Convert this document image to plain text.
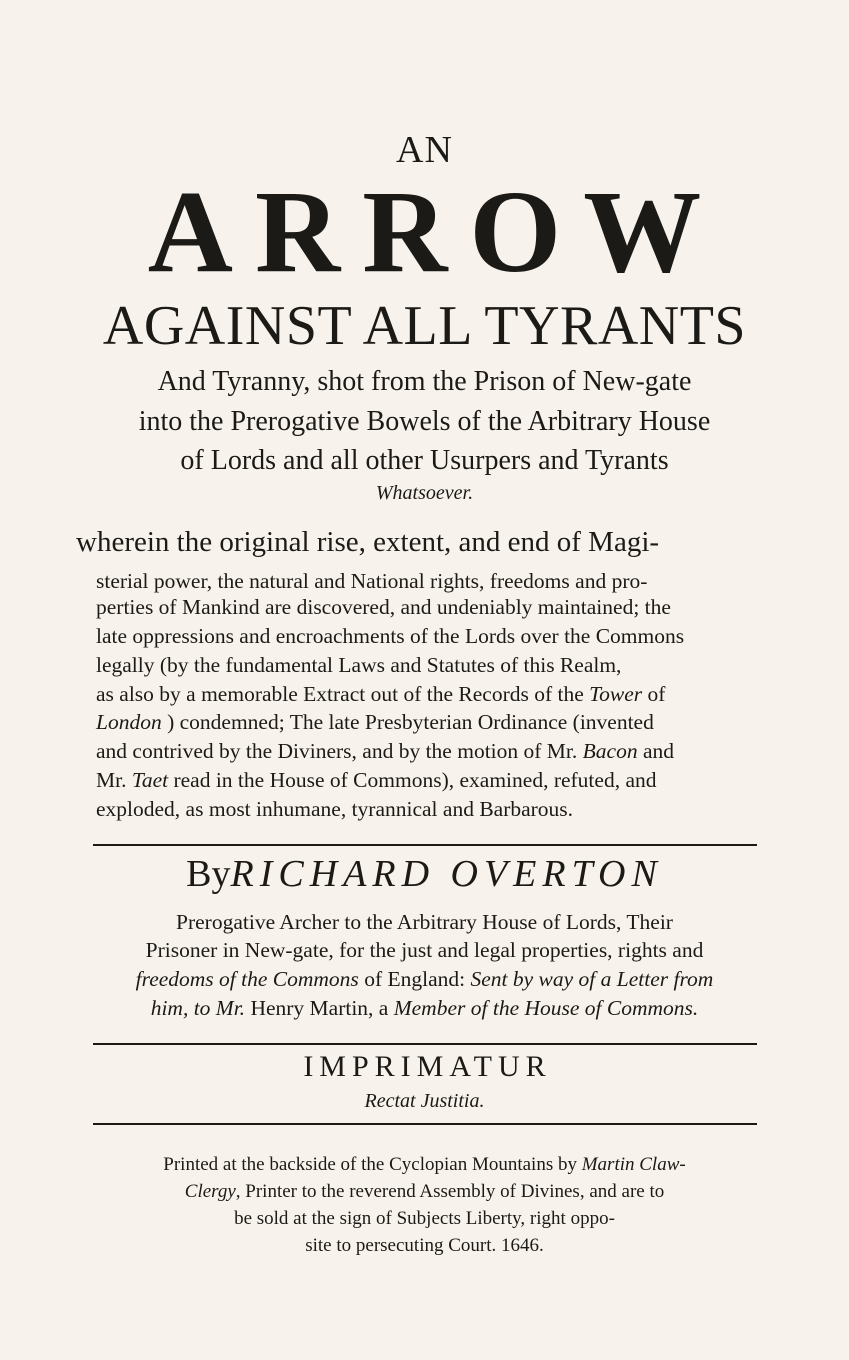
AN
ARROW
AGAINST ALL TYRANTS
And Tyranny, shot from the Prison of New-gate
into the Prerogative Bowels of the Arbitrary House
of Lords and all other Usurpers and Tyrants
Whatsoever.
wherein the original rise, extent, and end of Magi-
sterial power, the natural and National rights, freedoms and pro-
perties of Mankind are discovered, and undeniably maintained; the
late oppressions and encroachments of the Lords over the Commons
legally (by the fundamental Laws and Statutes of this Realm,
as also by a memorable Extract out of the Records of the Tower of
London ) condemned; The late Presbyterian Ordinance (invented
and contrived by the Diviners, and by the motion of Mr. Bacon and
Mr. Taet read in the House of Commons), examined, refuted, and
exploded, as most inhumane, tyrannical and Barbarous.
ByRICHARD OVERTON
Prerogative Archer to the Arbitrary House of Lords, Their
Prisoner in New-gate, for the just and legal properties, rights and
freedoms of the Commons of England: Sent by way of a Letter from
him, to Mr. Henry Martin, a Member of the House of Commons.
IMPRIMATUR
Rectat Justitia.
Printed at the backside of the Cyclopian Mountains by Martin Claw-
Clergy, Printer to the reverend Assembly of Divines, and are to
be sold at the sign of Subjects Liberty, right oppo-
site to persecuting Court. 1646.
